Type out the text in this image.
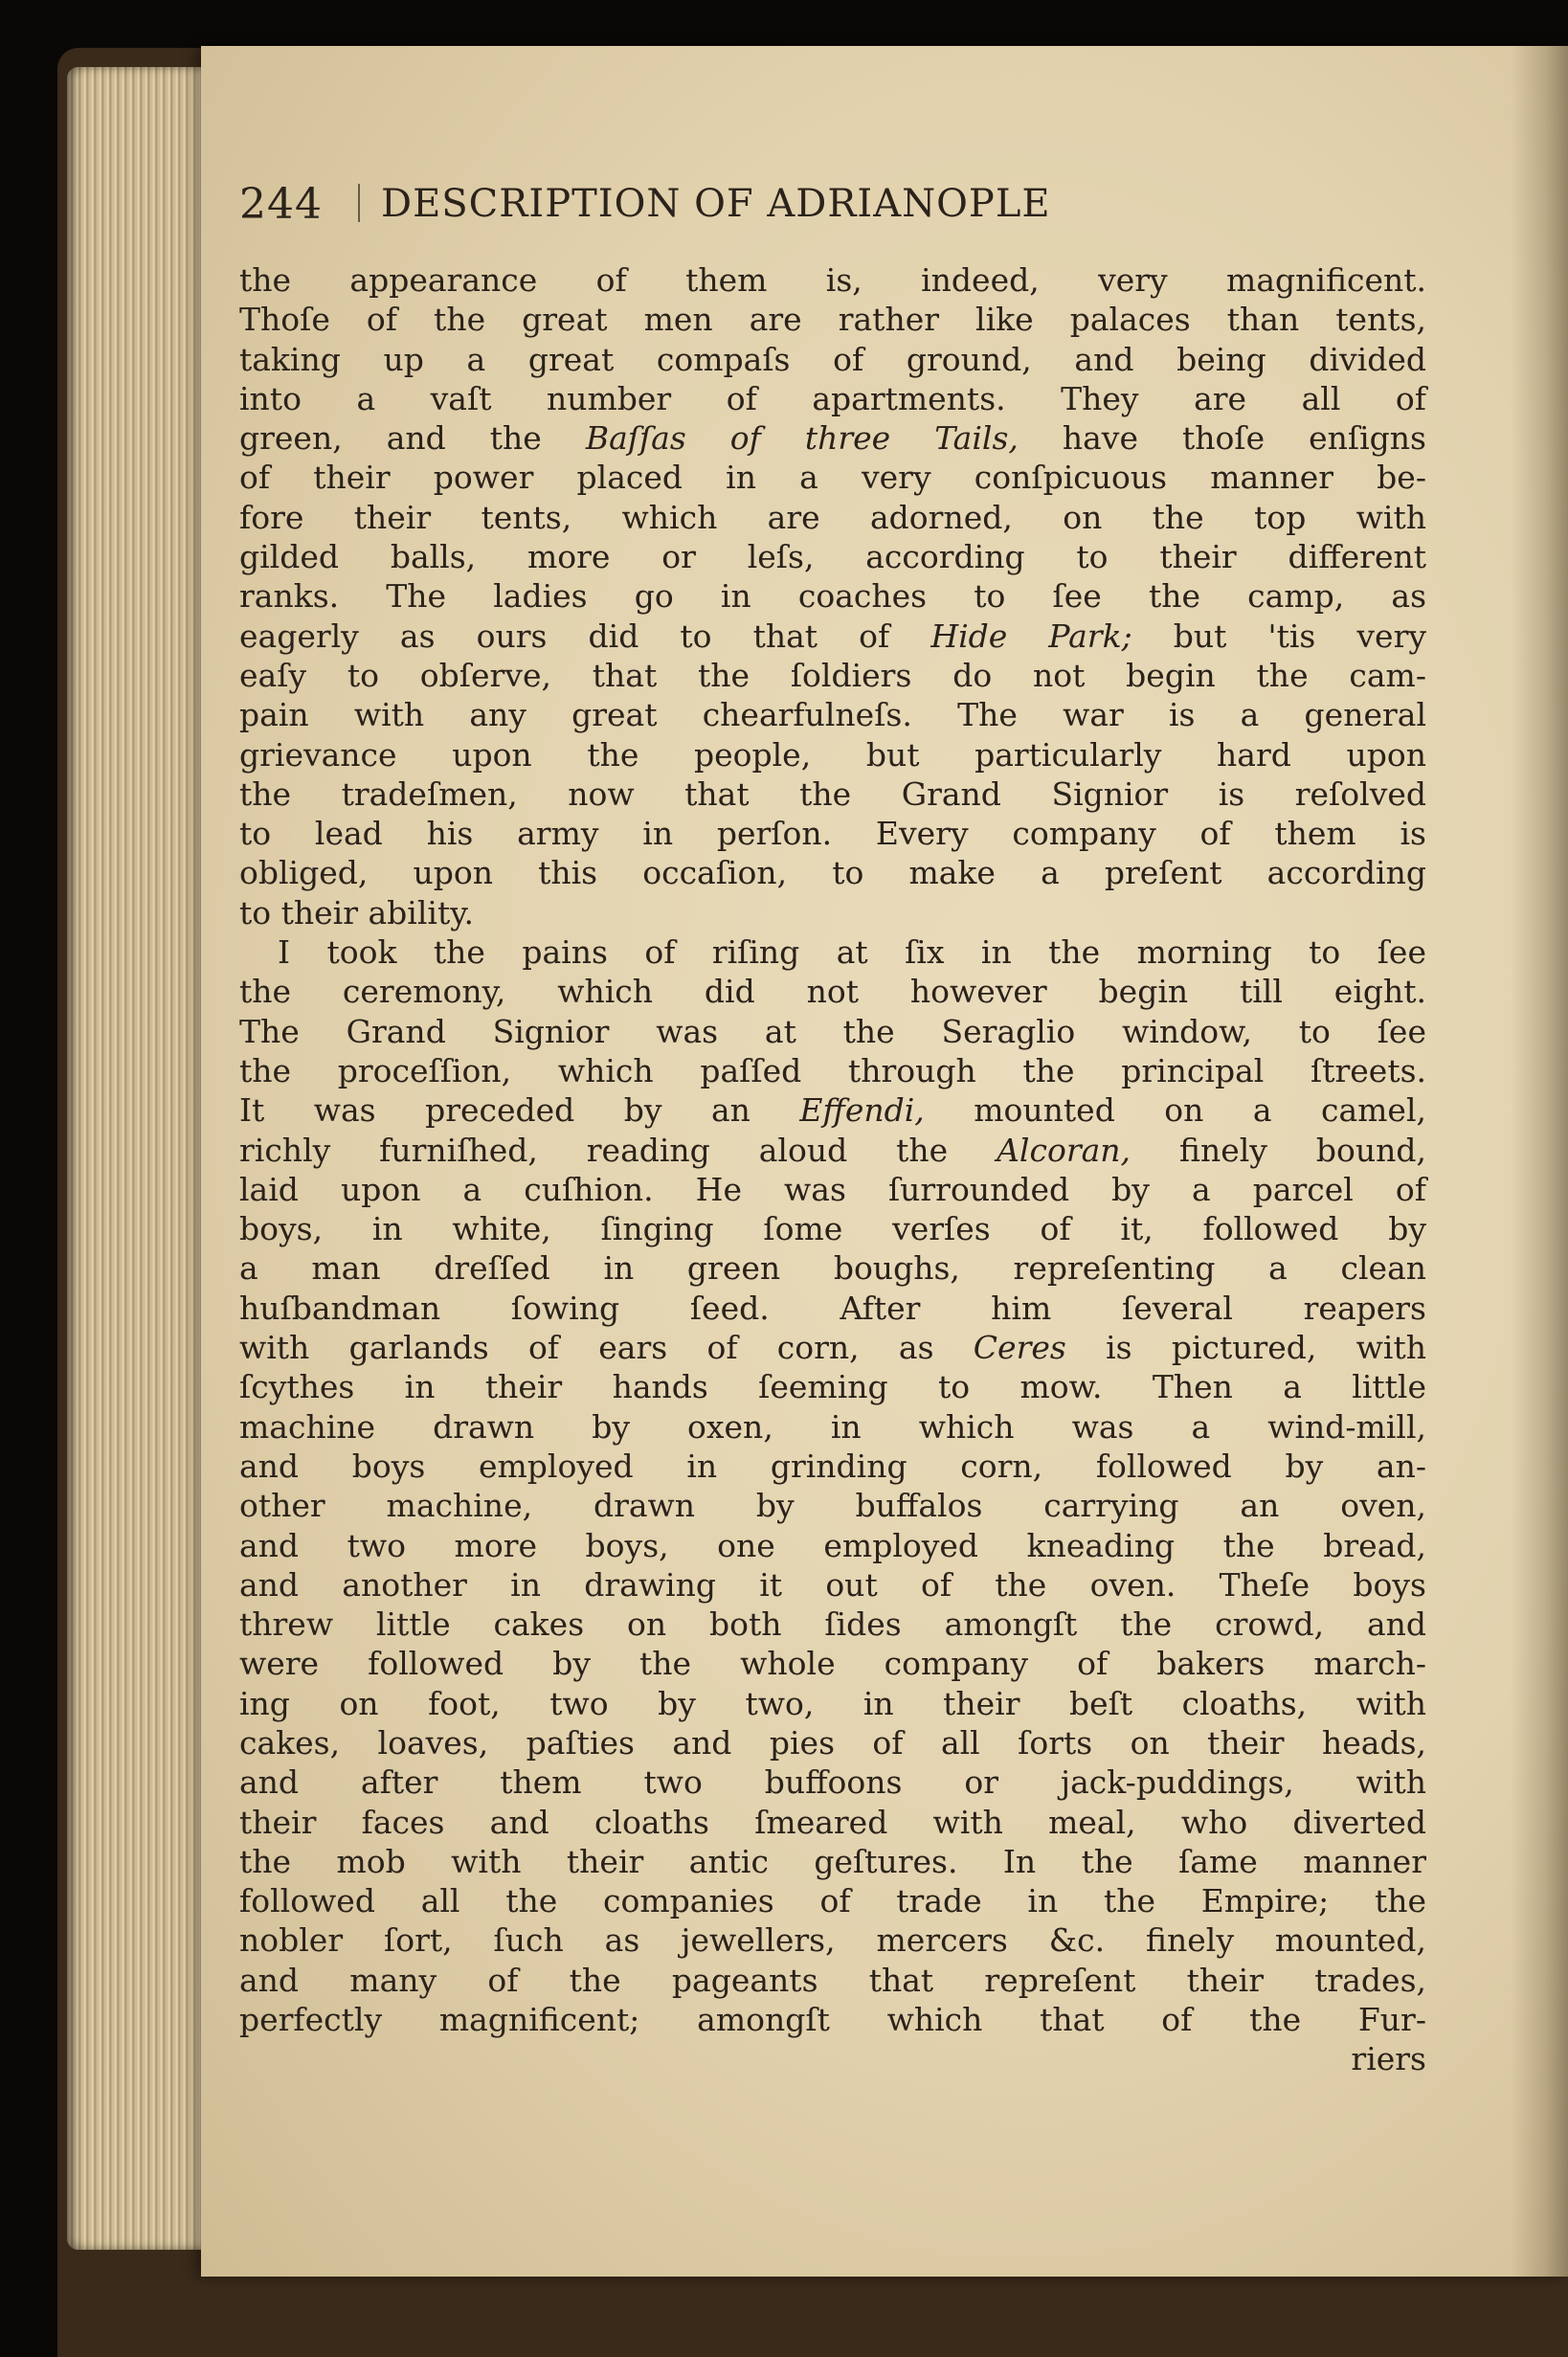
244 DESCRIPTION OF ADRIANOPLE
the appearance of them is, indeed, very magnificent.
Thoſe of the great men are rather like palaces than tents,
taking up a great compaſs of ground, and being divided
into a vaſt number of apartments. They are all of
green, and the Baſſas of three Tails, have thoſe enſigns
of their power placed in a very conſpicuous manner be-
fore their tents, which are adorned, on the top with
gilded balls, more or leſs, according to their different
ranks. The ladies go in coaches to ſee the camp, as
eagerly as ours did to that of Hide Park; but 'tis very
eaſy to obſerve, that the ſoldiers do not begin the cam-
pain with any great chearfulneſs. The war is a general
grievance upon the people, but particularly hard upon
the tradeſmen, now that the Grand Signior is reſolved
to lead his army in perſon. Every company of them is
obliged, upon this occaſion, to make a preſent according
to their ability.
I took the pains of riſing at ſix in the morning to ſee
the ceremony, which did not however begin till eight.
The Grand Signior was at the Seraglio window, to ſee
the proceſſion, which paſſed through the principal ſtreets.
It was preceded by an Effendi, mounted on a camel,
richly furniſhed, reading aloud the Alcoran, finely bound,
laid upon a cuſhion. He was ſurrounded by a parcel of
boys, in white, ſinging ſome verſes of it, followed by
a man dreſſed in green boughs, repreſenting a clean
huſbandman ſowing ſeed. After him ſeveral reapers
with garlands of ears of corn, as Ceres is pictured, with
ſcythes in their hands ſeeming to mow. Then a little
machine drawn by oxen, in which was a wind-mill,
and boys employed in grinding corn, followed by an-
other machine, drawn by buffalos carrying an oven,
and two more boys, one employed kneading the bread,
and another in drawing it out of the oven. Theſe boys
threw little cakes on both ſides amongſt the crowd, and
were followed by the whole company of bakers march-
ing on foot, two by two, in their beſt cloaths, with
cakes, loaves, paſties and pies of all ſorts on their heads,
and after them two buffoons or jack-puddings, with
their faces and cloaths ſmeared with meal, who diverted
the mob with their antic geſtures. In the ſame manner
followed all the companies of trade in the Empire; the
nobler ſort, ſuch as jewellers, mercers &c. finely mounted,
and many of the pageants that repreſent their trades,
perfectly magnificent; amongſt which that of the Fur-
riers
